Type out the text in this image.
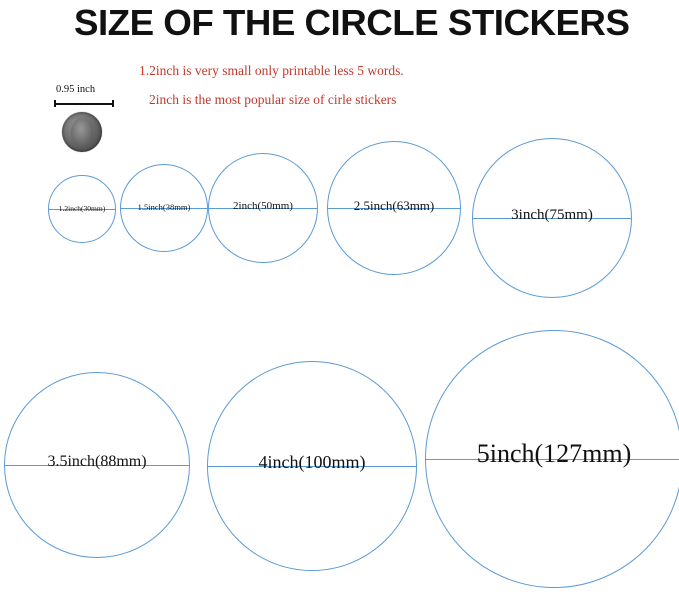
SIZE OF THE CIRCLE STICKERS
1.2inch is very small only printable less 5 words.
2inch is the most popular size of cirle stickers
0.95 inch
1.2inch(30mm)	1.5inch(38mm)	2inch(50mm)	2.5inch(63mm)
3inch(75mm)
3.5inch(88mm)	4inch(100mm)	5inch(127mm)
